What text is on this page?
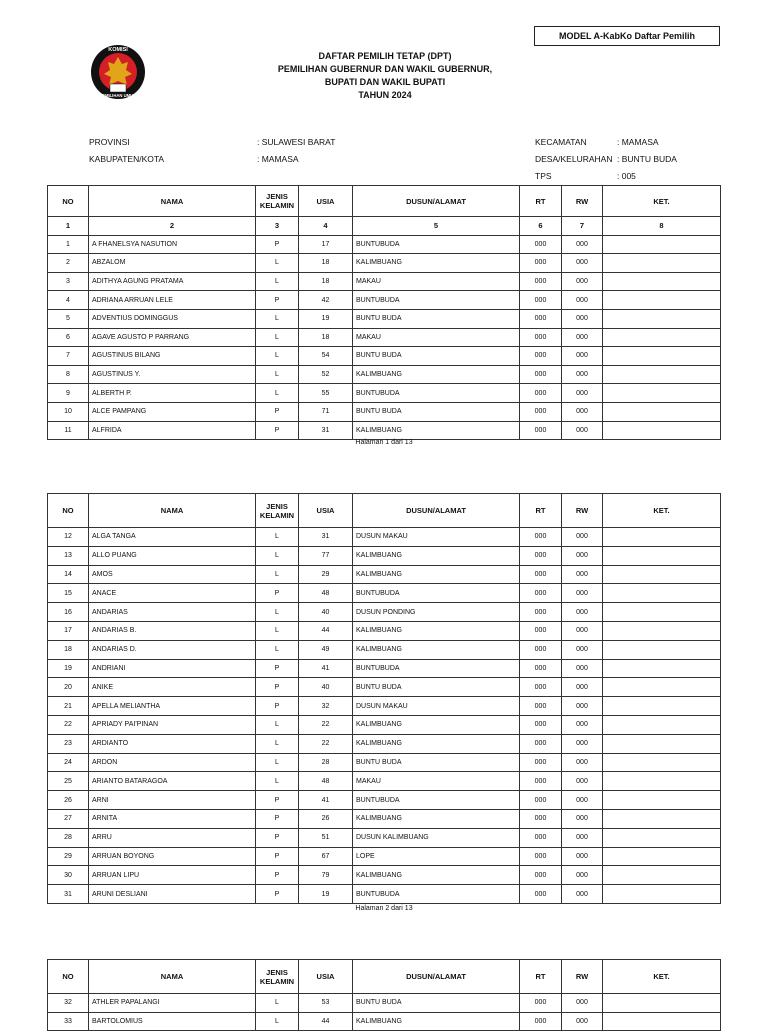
MODEL A-KabKo Daftar Pemilih
KOMISI
PEMILIHAN UMUM
DAFTAR PEMILIH TETAP (DPT)
PEMILIHAN GUBERNUR DAN WAKIL GUBERNUR,
BUPATI DAN WAKIL BUPATI
TAHUN 2024
PROVINSI	: SULAWESI BARAT
KABUPATEN/KOTA	: MAMASA
KECAMATAN	: MAMASA
DESA/KELURAHAN : BUNTU BUDA
TPS	: 005
NO	NAMA	JENIS
KELAMIN	USIA	DUSUN/ALAMAT	RT	RW	KET.
1	2	3	4	5	6	7	8
1	A FHANELSYA NASUTION	P	17	BUNTUBUDA	000	000	
2	ABZALOM	L	18	KALIMBUANG	000	000	
3	ADITHYA AGUNG PRATAMA	L	18	MAKAU	000	000	
4	ADRIANA ARRUAN LELE	P	42	BUNTUBUDA	000	000	
5	ADVENTIUS DOMINGGUS	L	19	BUNTU BUDA	000	000	
6	AGAVE AGUSTO P PARRANG	L	18	MAKAU	000	000	
7	AGUSTINUS BILANG	L	54	BUNTU BUDA	000	000	
8	AGUSTINUS Y.	L	52	KALIMBUANG	000	000	
9	ALBERTH P.	L	55	BUNTUBUDA	000	000	
10	ALCE PAMPANG	P	71	BUNTU BUDA	000	000	
11	ALFRIDA	P	31	KALIMBUANG	000	000	
Halaman 1 dari 13
NO	NAMA	JENIS
KELAMIN	USIA	DUSUN/ALAMAT	RT	RW	KET.
12	ALGA TANGA	L	31	DUSUN MAKAU	000	000	
13	ALLO PUANG	L	77	KALIMBUANG	000	000	
14	AMOS	L	29	KALIMBUANG	000	000	
15	ANACE	P	48	BUNTUBUDA	000	000	
16	ANDARIAS	L	40	DUSUN PONDING	000	000	
17	ANDARIAS B.	L	44	KALIMBUANG	000	000	
18	ANDARIAS D.	L	49	KALIMBUANG	000	000	
19	ANDRIANI	P	41	BUNTUBUDA	000	000	
20	ANIKE	P	40	BUNTU BUDA	000	000	
21	APELLA MELIANTHA	P	32	DUSUN MAKAU	000	000	
22	APRIADY PAI'PINAN	L	22	KALIMBUANG	000	000	
23	ARDIANTO	L	22	KALIMBUANG	000	000	
24	ARDON	L	28	BUNTU BUDA	000	000	
25	ARIANTO BATARAGOA	L	48	MAKAU	000	000	
26	ARNI	P	41	BUNTUBUDA	000	000	
27	ARNITA	P	26	KALIMBUANG	000	000	
28	ARRU	P	51	DUSUN KALIMBUANG	000	000	
29	ARRUAN BOYONG	P	67	LOPE	000	000	
30	ARRUAN LIPU	P	79	KALIMBUANG	000	000	
31	ARUNI DESLIANI	P	19	BUNTUBUDA	000	000	
Halaman 2 dari 13
NO	NAMA	JENIS
KELAMIN	USIA	DUSUN/ALAMAT	RT	RW	KET.
32	ATHLER PAPALANGI	L	53	BUNTU BUDA	000	000	
33	BARTOLOMIUS	L	44	KALIMBUANG	000	000	
